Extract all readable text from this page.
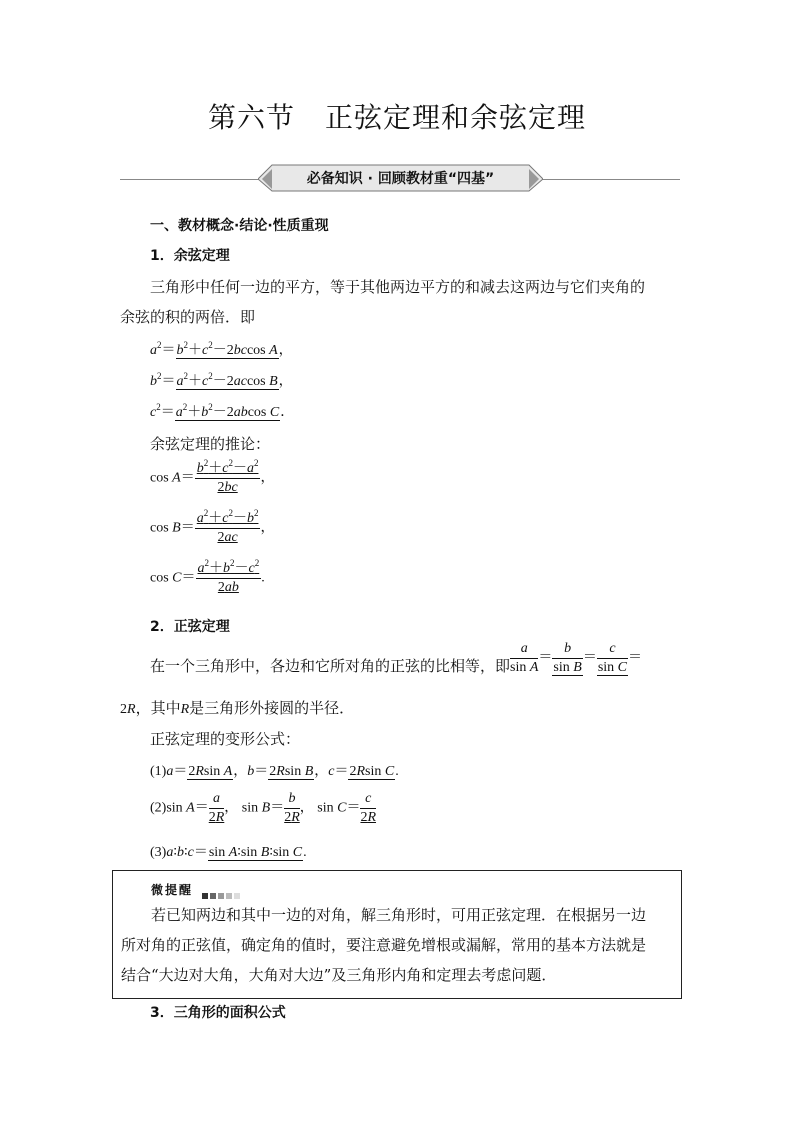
第六节 正弦定理和余弦定理
必备知识 · 回顾教材重“四基”
一、教材概念·结论·性质重现
1．余弦定理
三角形中任何一边的平方，等于其他两边平方的和减去这两边与它们夹角的
余弦的积的两倍．即
$a^2=b^2+c^2-2bccos$ A，
$b^2=a^2+c^2-2accos$ B，
$c^2=a^2+b^2-2abcos$ C．
余弦定理的推论：
$\cos A= \frac{b^2+c^2-a^2}{2bc}$ ，
$\cos B= \frac{a^2+c^2-b^2}{2ac}$ ，
$\cos C= \frac{a^2+b^2-c^2}{2ab}$ .
2．正弦定理
在一个三角形中，各边和它所对角的正弦的比相等，即 $\frac{a}{\text{sin A}} = \frac{b}{\text{sin B}} = \frac{c}{\text{sin C}}$ ＝
2R，其中R是三角形外接圆的半径．
正弦定理的变形公式：
(1)a＝2Rsin A，b＝2Rsin B，c＝2Rsin C.
(2)sin $A= \frac{a}{2R}$ ， $\sin B= \frac{b}{2R}$ ， $\sin C= \frac{c}{2R}$
(3)a∶b∶c＝sin A∶sin B∶sin C.
微提醒
若已知两边和其中一边的对角，解三角形时，可用正弦定理．在根据另一边
所对角的正弦值，确定角的值时，要注意避免增根或漏解，常用的基本方法就是
结合“大边对大角，大角对大边”及三角形内角和定理去考虑问题．
3．三角形的面积公式
